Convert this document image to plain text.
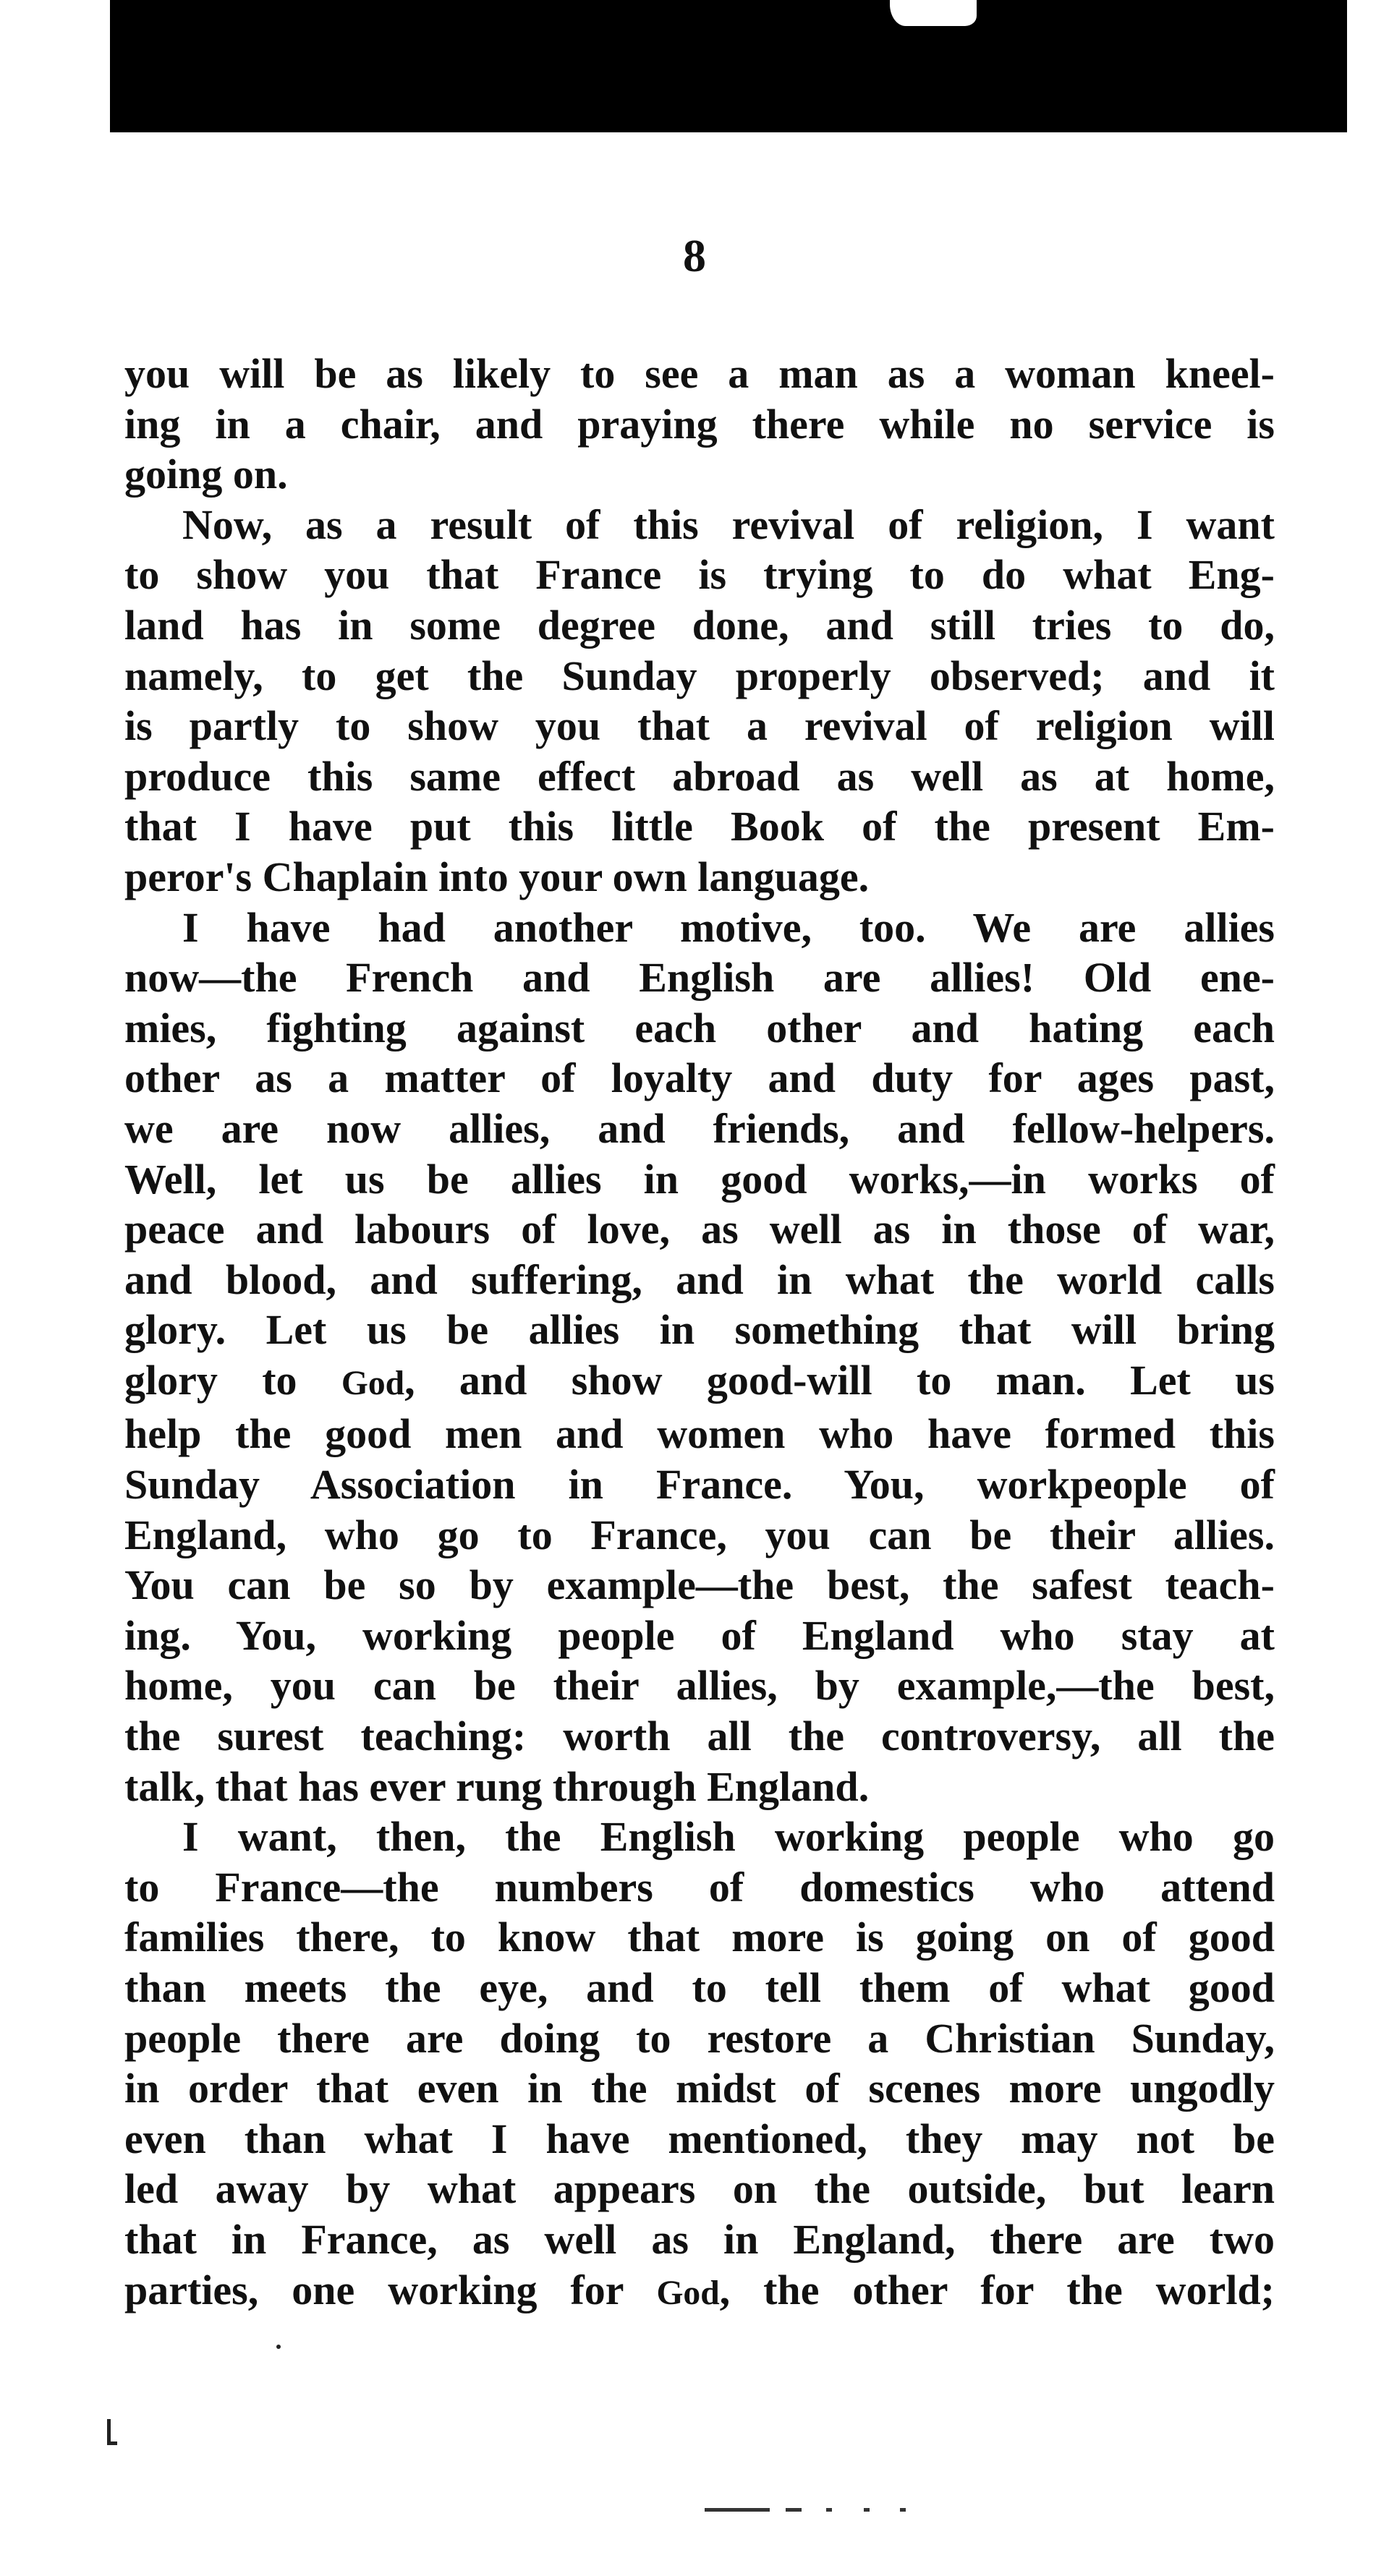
8
you will be as likely to see a man as a woman kneel-
ing in a chair, and praying there while no service is
going on.
Now, as a result of this revival of religion, I want
to show you that France is trying to do what Eng-
land has in some degree done, and still tries to do,
namely, to get the Sunday properly observed; and it
is partly to show you that a revival of religion will
produce this same effect abroad as well as at home,
that I have put this little Book of the present Em-
peror's Chaplain into your own language.
I have had another motive, too. We are allies
now—the French and English are allies! Old ene-
mies, fighting against each other and hating each
other as a matter of loyalty and duty for ages past,
we are now allies, and friends, and fellow-helpers.
Well, let us be allies in good works,—in works of
peace and labours of love, as well as in those of war,
and blood, and suffering, and in what the world calls
glory. Let us be allies in something that will bring
glory to God, and show good-will to man. Let us
help the good men and women who have formed this
Sunday Association in France. You, workpeople of
England, who go to France, you can be their allies.
You can be so by example—the best, the safest teach-
ing. You, working people of England who stay at
home, you can be their allies, by example,—the best,
the surest teaching: worth all the controversy, all the
talk, that has ever rung through England.
I want, then, the English working people who go
to France—the numbers of domestics who attend
families there, to know that more is going on of good
than meets the eye, and to tell them of what good
people there are doing to restore a Christian Sunday,
in order that even in the midst of scenes more ungodly
even than what I have mentioned, they may not be
led away by what appears on the outside, but learn
that in France, as well as in England, there are two
parties, one working for God, the other for the world;
